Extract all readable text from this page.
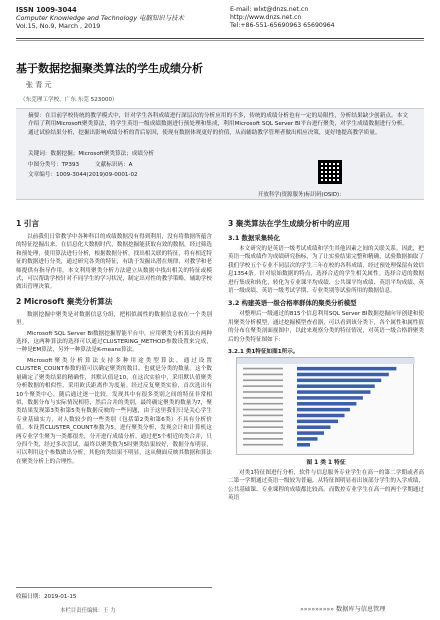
ISSN 1009-3044
Computer Knowledge and Technology 电脑知识与技术
Vol.15, No.9, March , 2019
E-mail: wlxt@dnzs.net.cn
http://www.dnzs.net.cn
Tel:+86-551-65690963 65690964
基于数据挖掘聚类算法的学生成绩分析
张 青 元
（东莞理工学校，广东 东莞 523000）
摘要：在目前学校传统的教学模式中，针对学生各科成绩进行深层次的分析应用的不多，传统的成绩分析也有一定的局限性，分析结果缺少创新点。本文介绍了利用Microsoft聚类算法，将学生英语一级成绩数据进行预处理和集成，利用Microsoft SQL Server BI平台进行聚类，对学生成绩数据进行分析。通过试验结果分析，挖掘出影响成绩分析的背后原因，使现有数据体现更好的价值，从而辅助教学管理者做出相应决策，更好地提高教学质量。
关键词：数据挖掘；Microsoft聚类算法；成绩分析
中图分类号：TP393	文献标识码：A
文章编号：1009-3044(2019)09-0001-02
开放科学(资源服务)标识码(OSID)：
1 引言
以前我们日常教学中各种科目的成绩数据没有得到利用，没有将数据所蕴含的特征挖掘出来。在信息化大数据时代，数据挖掘能获取有效的数据，经过筛选和预处理，使用算法进行分析，根据数据分析，找出相关联的特征，将有相近特征的数据进行分类，通过研究各类的特征，有助于发掘出潜在规律，对教学和老师提供有指导作用。本文利用聚类分析方法建立从数据中找出相关的特征或模式，可以帮助学校针对不同学生的学习状况，制定出对性的教学策略，辅助学校做出管理决策。
2 Microsoft 聚类分析算法
数据挖掘中聚类是对数据信息分组，把相似属性的数据信息放在一个类别里。
Microsoft SQL Server BI数据挖掘智能平台中，应用聚类分析算法有两种选择，这两种算法的选择可以通过CLUSTERING_METHOD参数设置来完成，一种是EM算法，另外一种算法是K-means算法。
Microsoft聚类分析算法支持多种用途类型算法，通过设置CLUSTER_COUNT参数的值可以确定聚类的数目，也就是分类的数量。这个数量确定了聚类结果的精确性，其默认值是10，在这次实验中，采用默认值聚类分析数据的相似性，采用欧氏距离作为度量。经过反复聚类实验，首次选出有10个聚类中心，随后通过逐一比较，发现其中有很多类别之间的特征非常相似，数据分布与实际情况相符，然后合并的类别，最终确定聚类的数量为7，聚类结果发现第3类和第5类有数据反映的一些问题，由于这里我们只是关心学生专业基础实力，对人数较少的一些类别（包括第2类和第6类）不具有分析价值。本设置CLUSTER_COUNT参数为5，进行聚类分析，发现会计和计算机这两专业学生聚为一类都很差，分开进行成绩分析。通过把5个相近的类合并，只分四个类，经过多次尝试，最终以聚类数为5时聚类结果较好，数据分布明显，可以利用这个参数做出分析，其他的类结果不明显，这从侧面反映其数据和算法在聚类分析上的合理性。
收稿日期：2019-01-15
3 聚类算法在学生成绩分析中的应用
3.1 数据采集转化
本文研究的是英语一级考试成绩和学生其他因素之间的关联关系。因此，把英语一级成绩作为成绩研究指标，为了让实验结果完整和精确，试验数据抽取了我们学校五个专业不同层次的学生三年在校的各科成绩，经过预处理保留有效信息1354条。针对原始数据的特点，选择合适的学生相关属性。选择合适的数据进行集成和转化，转化为专业课平均成绩、公共课平均成绩、英语平均成绩、英语一级成绩、英语一级考试学期、专业类别等试验所用的数据信息。
3.2 构建英语一级合格率群体的聚类分析模型
对整理后一级通过的815个信息利用SQL Server BI数据挖掘向导创建和使用聚类分析模型，通过挖掘模型查看器，可以看到该分类下，各个属性和属性值的分布在聚类剖面视图中，以此来观察分类的特征情况，对英语一级合格群聚类后的分类特征图如下：
3.2.1 类1特征如图1所示。
图 1 类 1 特征
对类1特征图进行分析，软件与信息服务专业学生在高一的第二学期或者高二第一学期通过英语一级较为普遍，从特征图明显看出该部分学生的入学成绩，公共基础课、专业课程的成绩都比较高。而数控专业学生在高一的两个学期通过英语
本栏目责任编辑：王 力	»»»»»»»»» 数据库与信息管理
